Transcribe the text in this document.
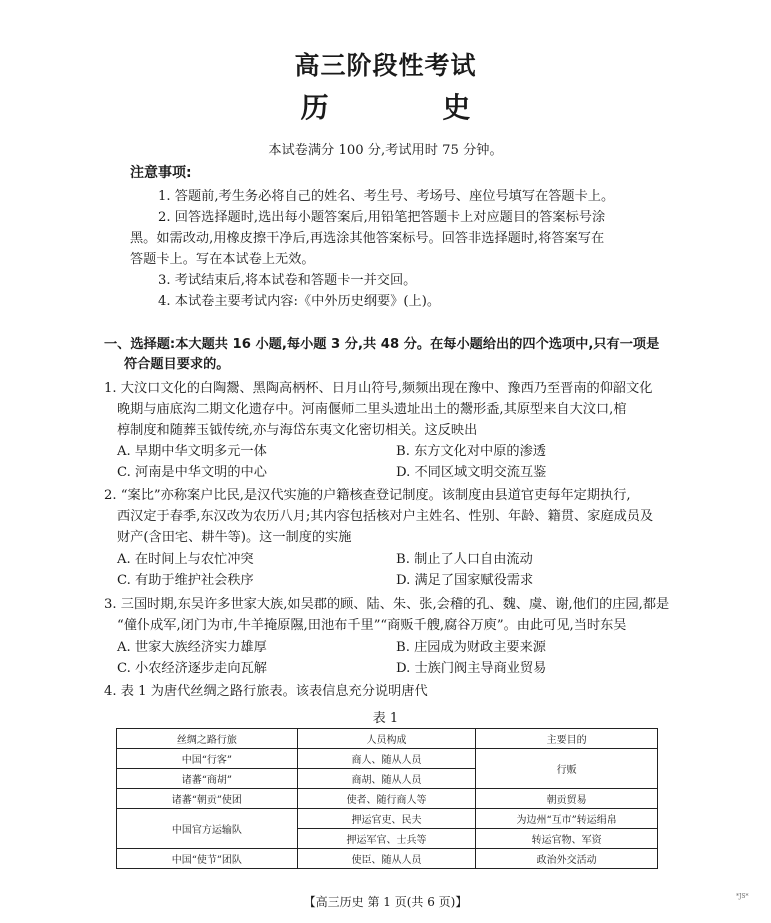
高三阶段性考试
历 史
本试卷满分 100 分,考试用时 75 分钟。
注意事项:
1. 答题前,考生务必将自己的姓名、考生号、考场号、座位号填写在答题卡上。
2. 回答选择题时,选出每小题答案后,用铅笔把答题卡上对应题目的答案标号涂
黑。如需改动,用橡皮擦干净后,再选涂其他答案标号。回答非选择题时,将答案写在
答题卡上。写在本试卷上无效。
3. 考试结束后,将本试卷和答题卡一并交回。
4. 本试卷主要考试内容:《中外历史纲要》(上)。
一、选择题:本大题共 16 小题,每小题 3 分,共 48 分。在每小题给出的四个选项中,只有一项是
符合题目要求的。
1. 大汶口文化的白陶鬶、黑陶高柄杯、日月山符号,频频出现在豫中、豫西乃至晋南的仰韶文化
晚期与庙底沟二期文化遗存中。河南偃师二里头遗址出土的鬶形盉,其原型来自大汶口,棺
椁制度和随葬玉钺传统,亦与海岱东夷文化密切相关。这反映出
A. 早期中华文明多元一体	B. 东方文化对中原的渗透
C. 河南是中华文明的中心	D. 不同区域文明交流互鉴
2. “案比”亦称案户比民,是汉代实施的户籍核查登记制度。该制度由县道官吏每年定期执行,
西汉定于春季,东汉改为农历八月;其内容包括核对户主姓名、性别、年龄、籍贯、家庭成员及
财产(含田宅、耕牛等)。这一制度的实施
A. 在时间上与农忙冲突	B. 制止了人口自由流动
C. 有助于维护社会秩序	D. 满足了国家赋役需求
3. 三国时期,东吴许多世家大族,如吴郡的顾、陆、朱、张,会稽的孔、魏、虞、谢,他们的庄园,都是
“僮仆成军,闭门为市,牛羊掩原隰,田池布千里”“商贩千艘,腐谷万庾”。由此可见,当时东吴
A. 世家大族经济实力雄厚	B. 庄园成为财政主要来源
C. 小农经济逐步走向瓦解	D. 士族门阀主导商业贸易
4. 表 1 为唐代丝绸之路行旅表。该表信息充分说明唐代
表 1
丝绸之路行旅	人员构成	主要目的
中国“行客”	商人、随从人员	行贩
诸蕃“商胡”	商胡、随从人员	
诸蕃“朝贡”使团	使者、随行商人等	朝贡贸易
中国官方运输队	押运官吏、民夫	为边州“互市”转运绢帛
	押运军官、士兵等	转运官物、军资
中国“使节”团队	使臣、随从人员	政治外交活动
【高三历史 第 1 页(共 6 页)】	*JS*
